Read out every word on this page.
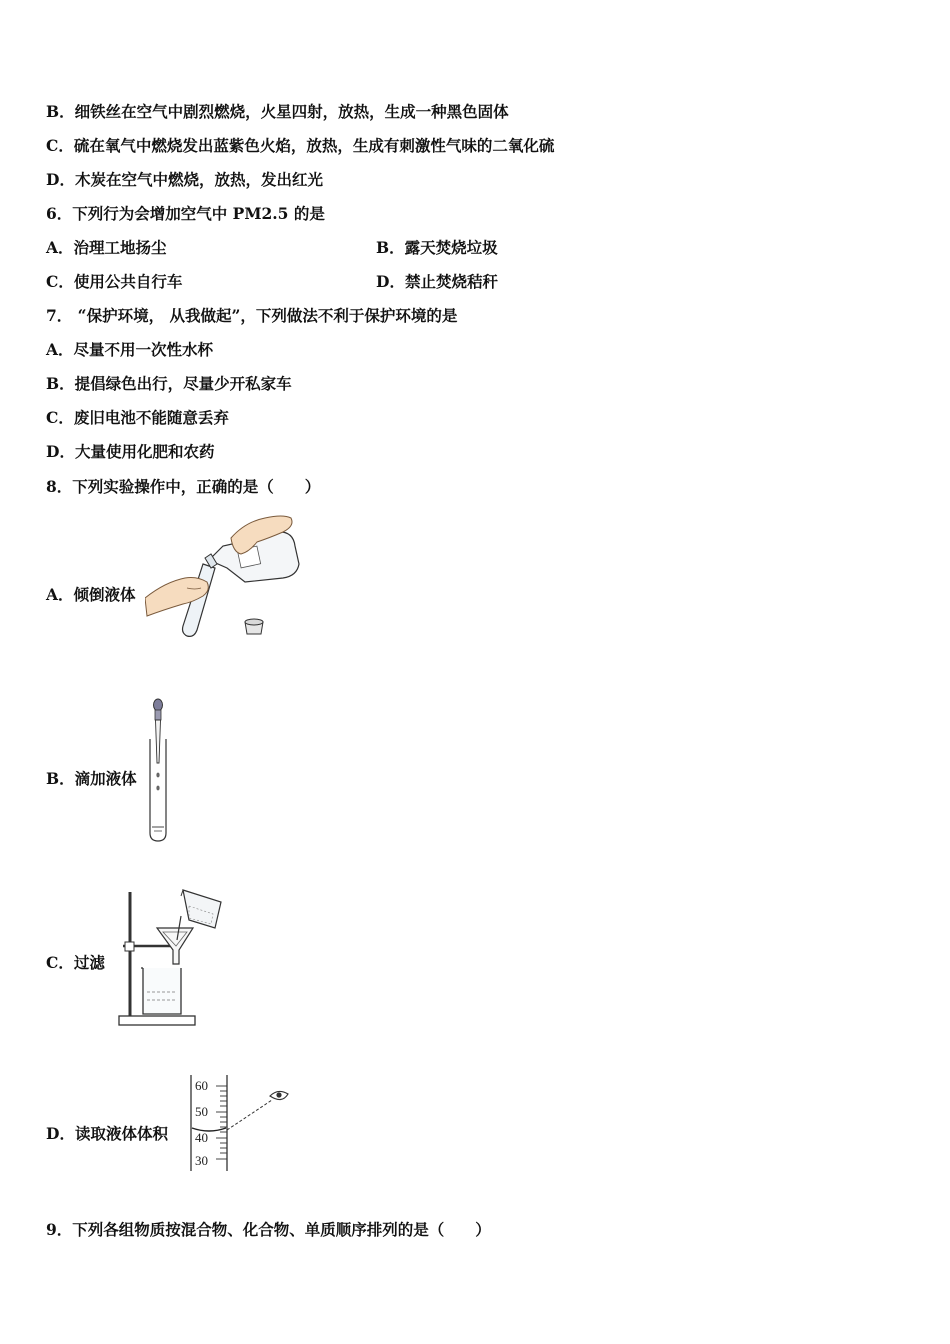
B．细铁丝在空气中剧烈燃烧，火星四射，放热，生成一种黑色固体
C．硫在氧气中燃烧发出蓝紫色火焰，放热，生成有刺激性气味的二氧化硫
D．木炭在空气中燃烧，放热，发出红光
6．下列行为会增加空气中 PM2.5 的是
A．治理工地扬尘	B．露天焚烧垃圾
C．使用公共自行车	D．禁止焚烧秸秆
7． “保护环境， 从我做起”，下列做法不利于保护环境的是
A．尽量不用一次性水杯
B．提倡绿色出行，尽量少开私家车
C．废旧电池不能随意丢弃
D．大量使用化肥和农药
8．下列实验操作中，正确的是（　　）
A．倾倒液体
B．滴加液体
C．过滤
D．读取液体体积
60
50
40
30
9．下列各组物质按混合物、化合物、单质顺序排列的是（　　）
